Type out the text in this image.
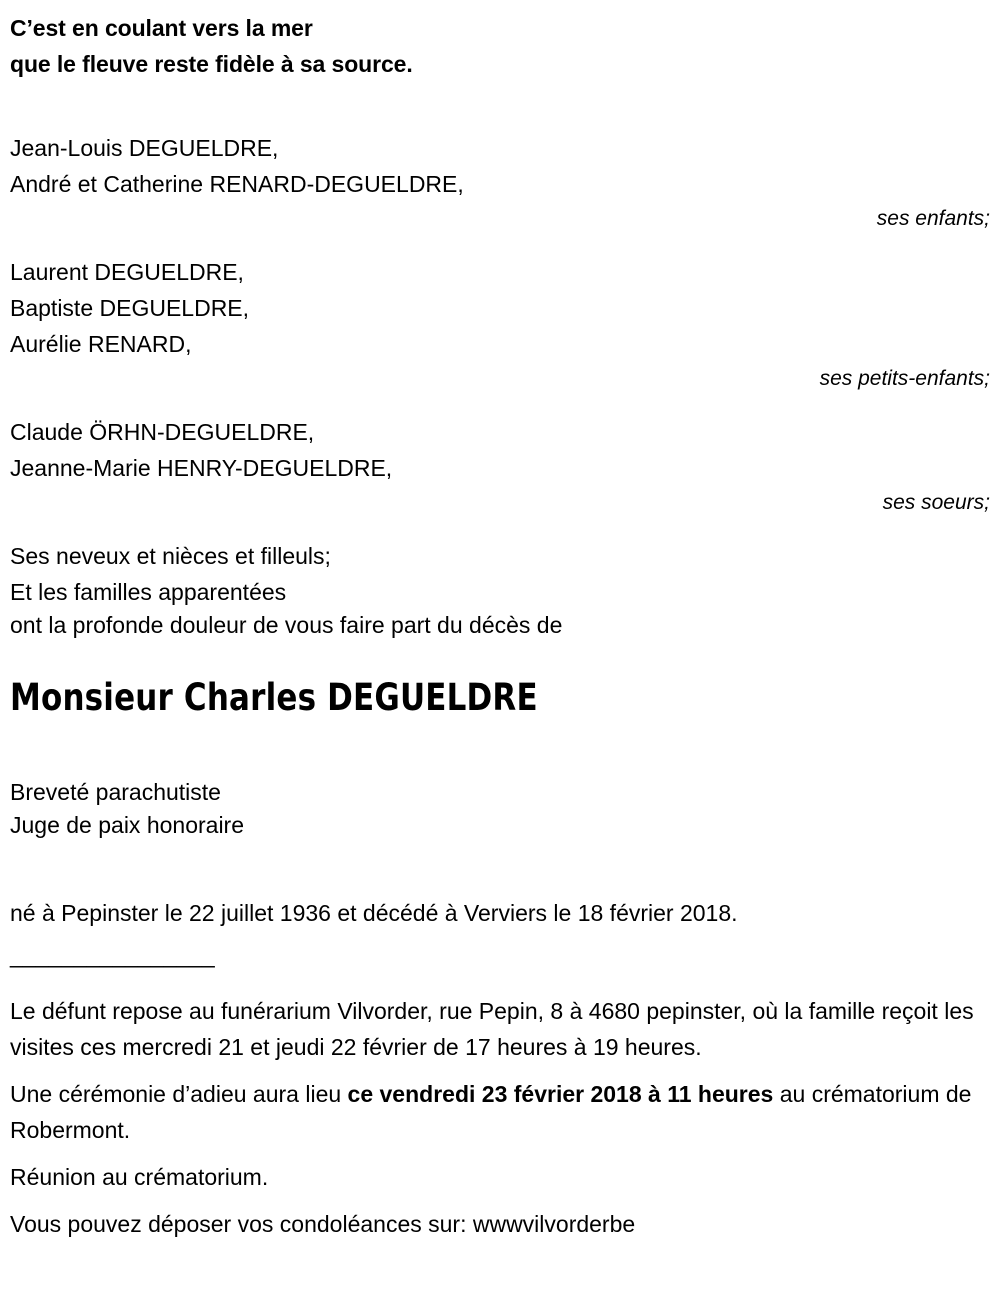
C’est en coulant vers la mer
que le fleuve reste fidèle à sa source.
Jean-Louis DEGUELDRE,
André et Catherine RENARD-DEGUELDRE,
ses enfants;
Laurent DEGUELDRE,
Baptiste DEGUELDRE,
Aurélie RENARD,
ses petits-enfants;
Claude ÖRHN-DEGUELDRE,
Jeanne-Marie HENRY-DEGUELDRE,
ses soeurs;
Ses neveux et nièces et filleuls;
Et les familles apparentées
ont la profonde douleur de vous faire part du décès de
Monsieur Charles DEGUELDRE
Breveté parachutiste
Juge de paix honoraire
né à Pepinster le 22 juillet 1936 et décédé à Verviers le 18 février 2018.
________________

Le défunt repose au funérarium Vilvorder, rue Pepin, 8 à 4680 pepinster, où la famille reçoit les visites ces mercredi 21 et jeudi 22 février de 17 heures à 19 heures.

Une cérémonie d’adieu aura lieu ce vendredi 23 février 2018 à 11 heures au crématorium de Robermont.

Réunion au crématorium.

Vous pouvez déposer vos condoléances sur: wwwvilvorderbe
